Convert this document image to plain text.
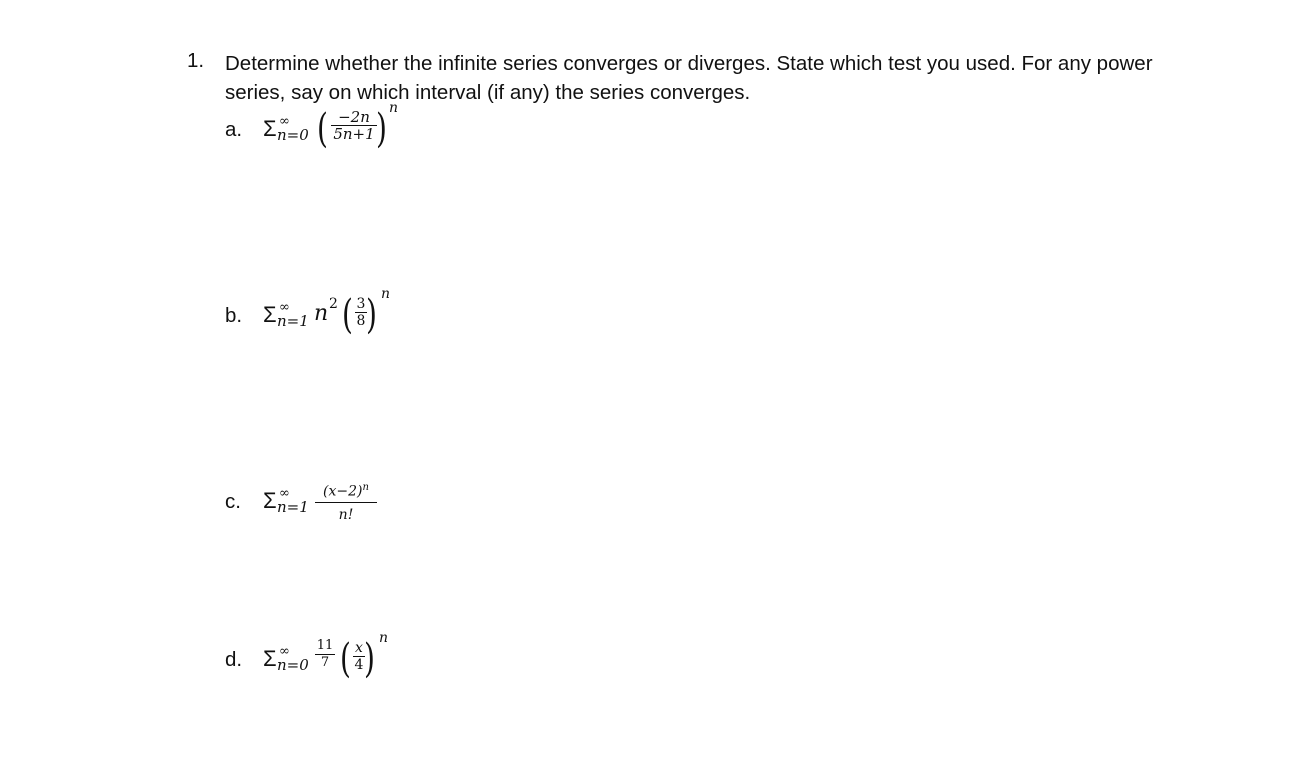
1. Determine whether the infinite series converges or diverges. State which test you used. For any power series, say on which interval (if any) the series converges.
a. Σ ∞
n=0 ( −2n
5n+1 ) n
b. Σ ∞
n=1 n 2 ( 3
8 ) n
c. Σ ∞
n=1
$(x-2)^n$
n!
d. Σ ∞
n=0
11
7 ( x
4 ) n
